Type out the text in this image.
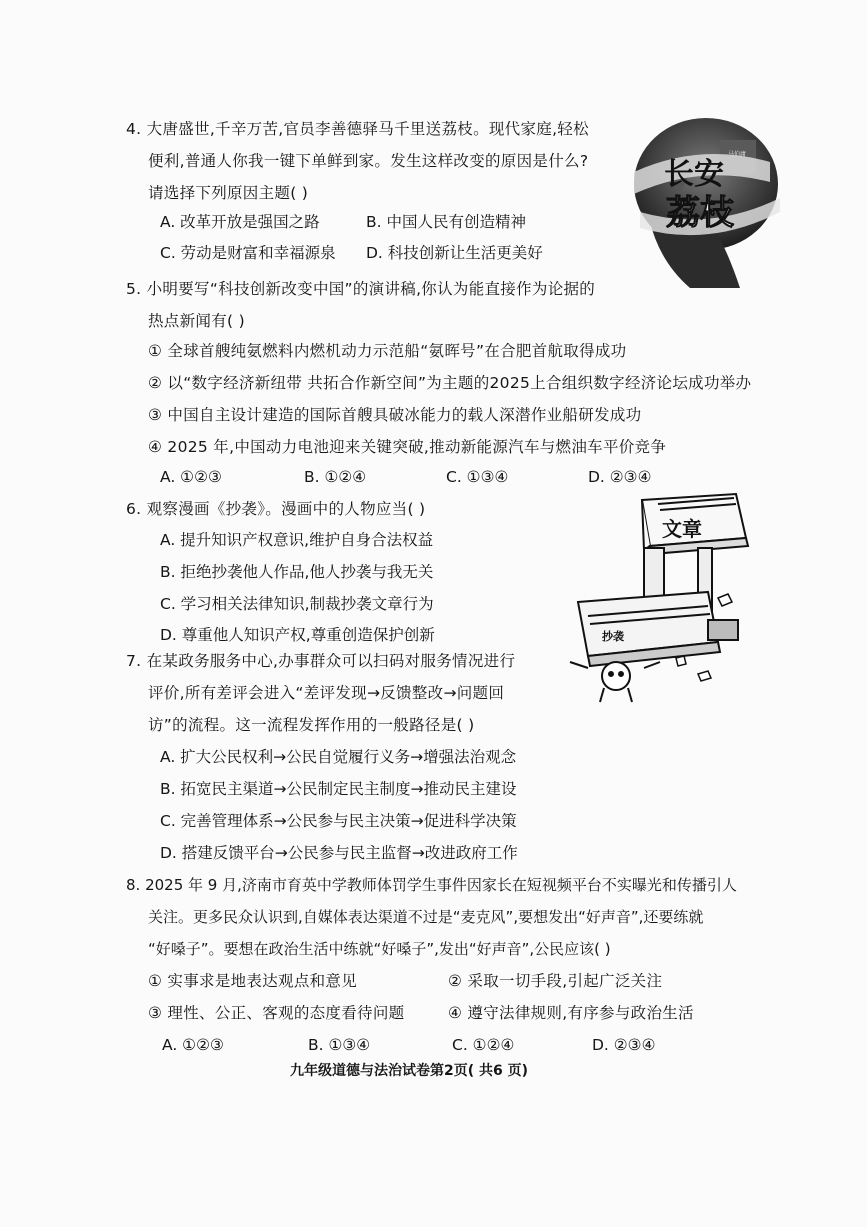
4. 大唐盛世,千辛万苦,官员李善德驿马千里送荔枝。现代家庭,轻松
便利,普通人你我一键下单鲜到家。发生这样改变的原因是什么?
请选择下列原因主题( )
A. 改革开放是强国之路	B. 中国人民有创造精神
C. 劳动是财富和幸福源泉 D. 科技创新让生活更美好
长安
荔枝
马伯庸
5. 小明要写“科技创新改变中国”的演讲稿,你认为能直接作为论据的
热点新闻有( )
① 全球首艘纯氨燃料内燃机动力示范船“氨晖号”在合肥首航取得成功
② 以“数字经济新纽带 共拓合作新空间”为主题的2025上合组织数字经济论坛成功举办
③ 中国自主设计建造的国际首艘具破冰能力的载人深潜作业船研发成功
④ 2025 年,中国动力电池迎来关键突破,推动新能源汽车与燃油车平价竞争
A. ①②③	B. ①②④	C. ①③④	D. ②③④
6. 观察漫画《抄袭》。漫画中的人物应当( )
A. 提升知识产权意识,维护自身合法权益
B. 拒绝抄袭他人作品,他人抄袭与我无关
C. 学习相关法律知识,制裁抄袭文章行为
D. 尊重他人知识产权,尊重创造保护创新
文章
抄袭
7. 在某政务服务中心,办事群众可以扫码对服务情况进行
评价,所有差评会进入“差评发现→反馈整改→问题回
访”的流程。这一流程发挥作用的一般路径是( )
A. 扩大公民权利→公民自觉履行义务→增强法治观念
B. 拓宽民主渠道→公民制定民主制度→推动民主建设
C. 完善管理体系→公民参与民主决策→促进科学决策
D. 搭建反馈平台→公民参与民主监督→改进政府工作
8. 2025 年 9 月,济南市育英中学教师体罚学生事件因家长在短视频平台不实曝光和传播引人
关注。更多民众认识到,自媒体表达渠道不过是“麦克风”,要想发出“好声音”,还要练就
“好嗓子”。要想在政治生活中练就“好嗓子”,发出“好声音”,公民应该( )
① 实事求是地表达观点和意见	② 采取一切手段,引起广泛关注
③ 理性、公正、客观的态度看待问题	④ 遵守法律规则,有序参与政治生活
A. ①②③	B. ①③④	C. ①②④	D. ②③④
九年级道德与法治试卷第2页( 共6 页)
